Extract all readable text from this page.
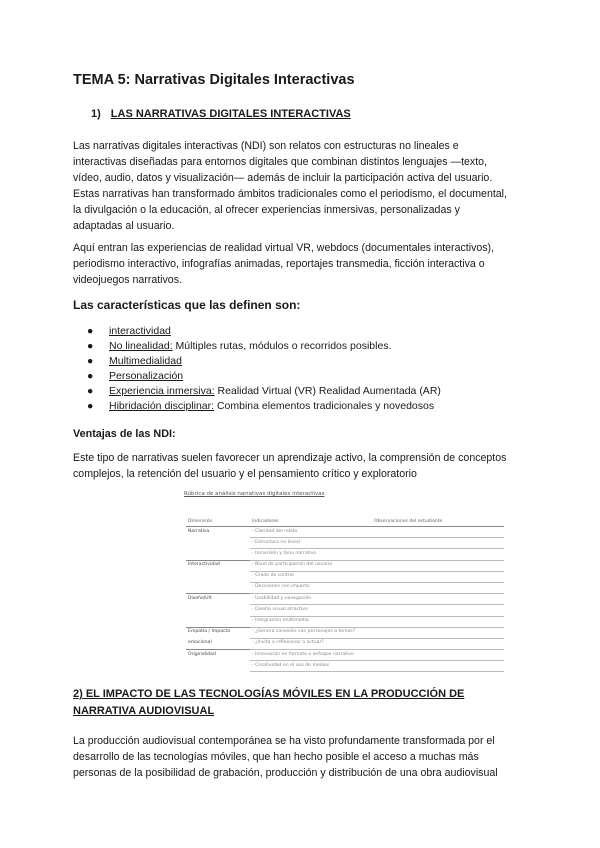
TEMA 5: Narrativas Digitales Interactivas
1) LAS NARRATIVAS DIGITALES INTERACTIVAS
Las narrativas digitales interactivas (NDI) son relatos con estructuras no lineales e
interactivas diseñadas para entornos digitales que combinan distintos lenguajes —texto,
vídeo, audio, datos y visualización— además de incluir la participación activa del usuario.
Estas narrativas han transformado ámbitos tradicionales como el periodismo, el documental,
la divulgación o la educación, al ofrecer experiencias inmersivas, personalizadas y
adaptadas al usuario.
Aquí entran las experiencias de realidad virtual VR, webdocs (documentales interactivos),
periodismo interactivo, infografías animadas, reportajes transmedia, ficción interactiva o
videojuegos narrativos.
Las características que las definen son:
● interactividad
● No linealidad: Múltiples rutas, módulos o recorridos posibles.
● Multimedialidad
● Personalización
● Experiencia inmersiva: Realidad Virtual (VR) Realidad Aumentada (AR)
● Hibridación disciplinar: Combina elementos tradicionales y novedosos
Ventajas de las NDI:
Este tipo de narrativas suelen favorecer un aprendizaje activo, la comprensión de conceptos
complejos, la retención del usuario y el pensamiento crítico y exploratorio
2) EL IMPACTO DE LAS TECNOLOGÍAS MÓVILES EN LA PRODUCCIÓN DE
NARRATIVA AUDIOVISUAL
La producción audiovisual contemporánea se ha visto profundamente transformada por el
desarrollo de las tecnologías móviles, que han hecho posible el acceso a muchas más
personas de la posibilidad de grabación, producción y distribución de una obra audiovisual
Rúbrica de análisis narrativas digitales interactivas
Dimensión	Indicadores	Observaciones del estudiante
Narrativa	- Claridad del relato	
	- Estructura no lineal	
	- Inmersión y tono narrativo	
Interactividad	- Nivel de participación del usuario	
	- Grado de control	
	- Decisiones con impacto	
Diseño/UX	- Usabilidad y navegación	
	- Diseño visual atractivo	
	- Integración multimedia	
Empatía / Impacto	- ¿Genera conexión con personajes o temas?	
emocional	- ¿Invita a reflexionar o actuar?	
Originalidad	- Innovación en formato o enfoque narrativo	
	- Creatividad en el uso de medios	
